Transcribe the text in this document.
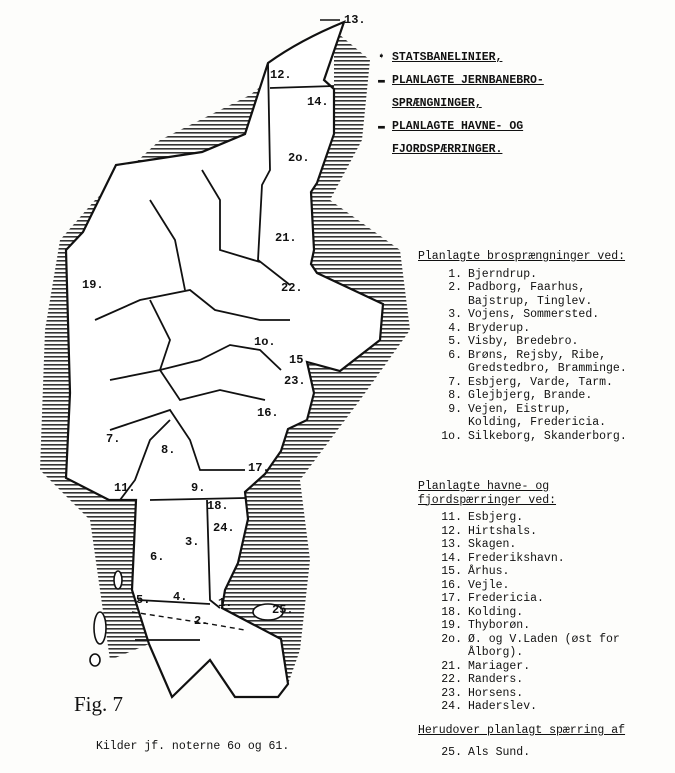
1.
2.
3.
4.
5.
6.
7.
8.
9.
1o.
11.
12.
13.
14.
15.
16.
17.
18.
19.
2o.
21.
22.
23.
24.
25.
➧ STATSBANELINIER,
▬ PLANLAGTE JERNBANEBRO-
SPRÆNGNINGER,
▬ PLANLAGTE HAVNE- OG
FJORDSPÆRRINGER.
Planlagte brosprængninger ved:
1. Bjerndrup.
2. Padborg, Faarhus, Bajstrup, Tinglev.
3. Vojens, Sommersted.
4. Bryderup.
5. Visby, Bredebro.
6. Brøns, Rejsby, Ribe, Gredstedbro, Bramminge.
7. Esbjerg, Varde, Tarm.
8. Glejbjerg, Brande.
9. Vejen, Eistrup, Kolding, Fredericia.
1o. Silkeborg, Skanderborg.
Planlagte havne- og fjordspærringer ved:
11. Esbjerg.
12. Hirtshals.
13. Skagen.
14. Frederikshavn.
15. Århus.
16. Vejle.
17. Fredericia.
18. Kolding.
19. Thyborøn.
2o. Ø. og V.Laden (øst for Ålborg).
21. Mariager.
22. Randers.
23. Horsens.
24. Haderslev.
Herudover planlagt spærring af
25. Als Sund.
Fig. 7
Kilder jf. noterne 6o og 61.
